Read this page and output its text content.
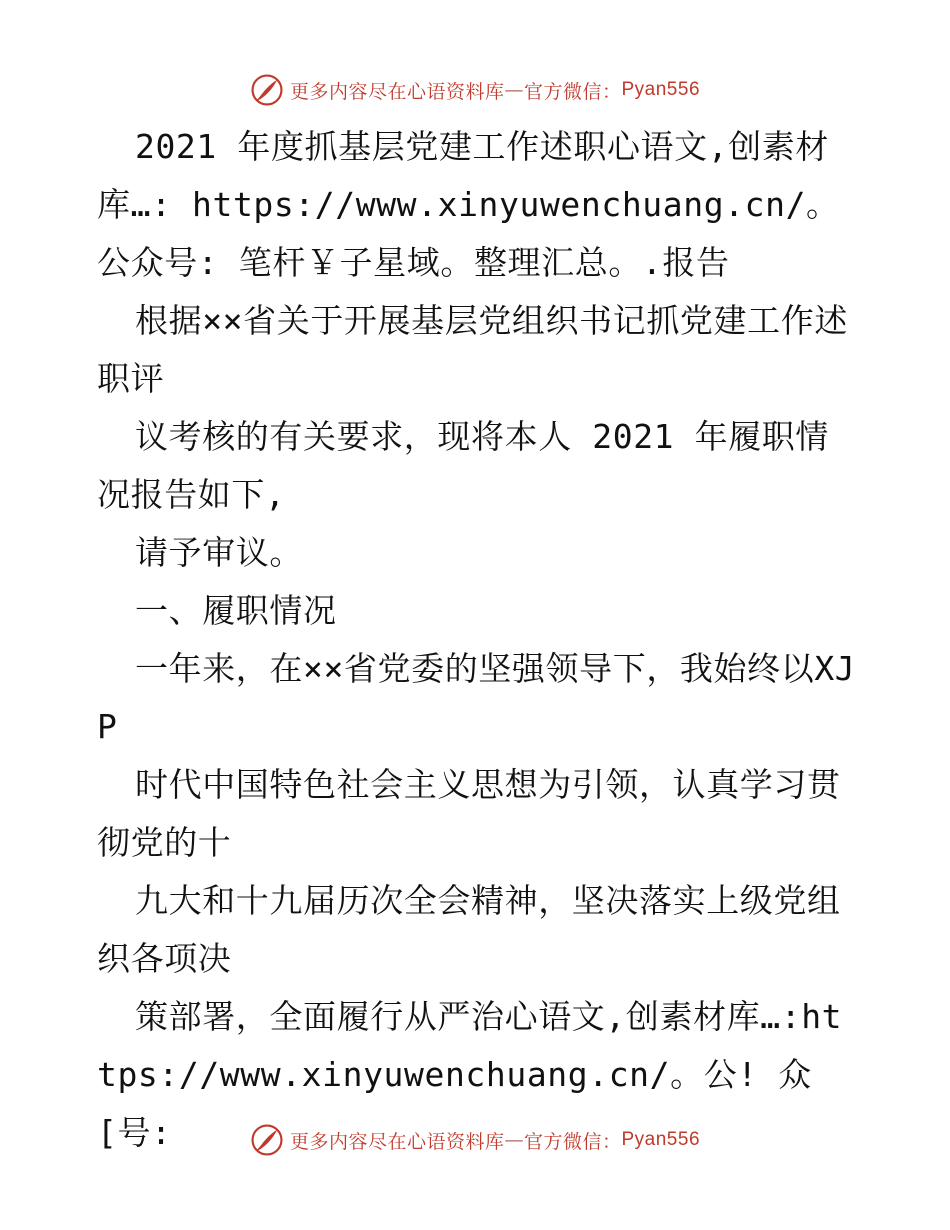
更多内容尽在心语资料库 — 官方微信： Pyan556

2021 年度抓基层党建工作述职心语文,创素材库…: https://www.xinyuwenchuang.cn/。公众号: 笔杆￥子星域。整理汇总。.报告

根据××省关于开展基层党组织书记抓党建工作述职评

议考核的有关要求，现将本人 2021 年履职情况报告如下,

请予审议。

一、履职情况

一年来，在××省党委的坚强领导下，我始终以XJP

时代中国特色社会主义思想为引领，认真学习贯彻党的十

九大和十九届历次全会精神，坚决落实上级党组织各项决

策部署，全面履行从严治心语文,创素材库…:https://www.xinyuwenchuang.cn/。公! 众[号:	更多内容尽在心语资料库 — 官方微信： Pyan556
